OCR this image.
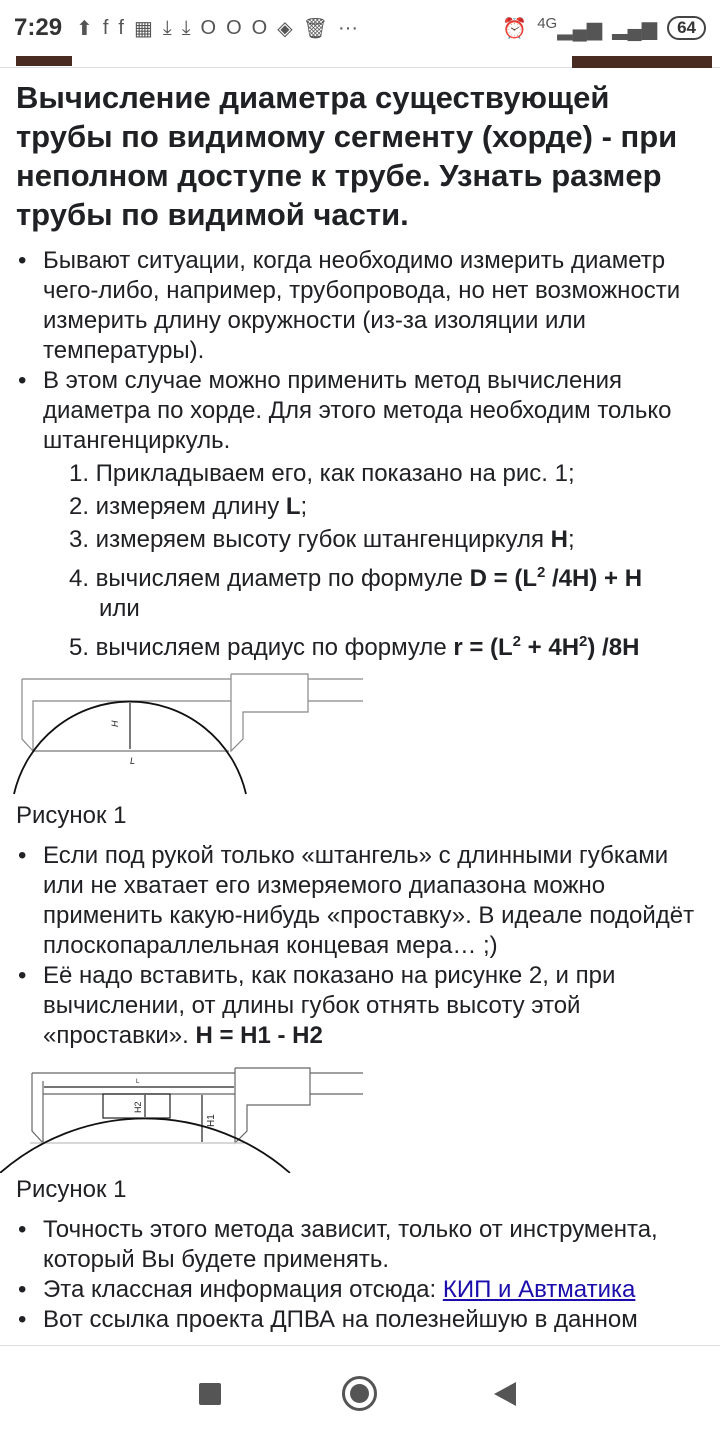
7:29 ⬆ f f ▦ ⤓ ⤓ O O O ◈ 🗑 ···	⏰ $^{4G}$▂▄▆ ▂▄▆	64
Вычисление диаметра существующей трубы по видимому сегменту (хорде) - при неполном доступе к трубе. Узнать размер трубы по видимой части.
• Бывают ситуации, когда необходимо измерить диаметр чего-либо, например, трубопровода, но нет возможности измерить длину окружности (из-за изоляции или температуры).
• В этом случае можно применить метод вычисления диаметра по хорде. Для этого метода необходим только штангенциркуль.
1. Прикладываем его, как показано на рис. 1;
2. измеряем длину L;
3. измеряем высоту губок штангенциркуля H;
4. вычисляем диаметр по формуле $D = (L^2$ /4H) + H
или
5. вычисляем радиус по формуле $r = (L^2 + 4H^2)$ /8H
H
L
Рисунок 1
• Если под рукой только «штангель» с длинными губками или не хватает его измеряемого диапазона можно применить какую-нибудь «проставку». В идеале подойдёт плоскопараллельная концевая мера… ;)
• Её надо вставить, как показано на рисунке 2, и при вычислении, от длины губок отнять высоту этой «проставки». H = H1 - H2
L
H2
H1
Рисунок 1
• Точность этого метода зависит, только от инструмента, который Вы будете применять.
• Эта классная информация отсюда: КИП и Автматика
• Вот ссылка проекта ДПВА на полезнейшую в данном
